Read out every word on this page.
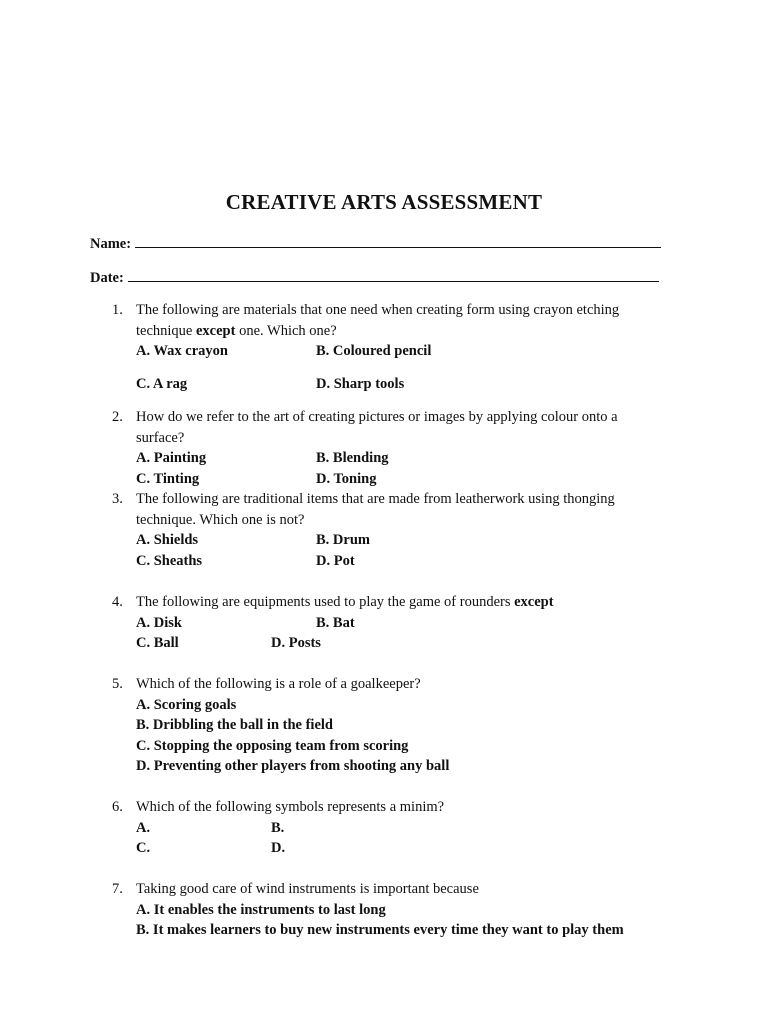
CREATIVE ARTS ASSESSMENT
Name:
Date:
1. The following are materials that one need when creating form using crayon etching technique except one. Which one?
A. Wax crayon	B. Coloured pencil
C. A rag	D. Sharp tools
2. How do we refer to the art of creating pictures or images by applying colour onto a surface?
A. Painting	B. Blending
C. Tinting	D. Toning
3. The following are traditional items that are made from leatherwork using thonging technique. Which one is not?
A. Shields	B. Drum
C. Sheaths	D. Pot
4. The following are equipments used to play the game of rounders except
A. Disk	B. Bat
C. Ball	D. Posts
5. Which of the following is a role of a goalkeeper?
A. Scoring goals
B. Dribbling the ball in the field
C. Stopping the opposing team from scoring
D. Preventing other players from shooting any ball
6. Which of the following symbols represents a minim?
A.	B.
C.	D.
7. Taking good care of wind instruments is important because
A. It enables the instruments to last long
B. It makes learners to buy new instruments every time they want to play them
